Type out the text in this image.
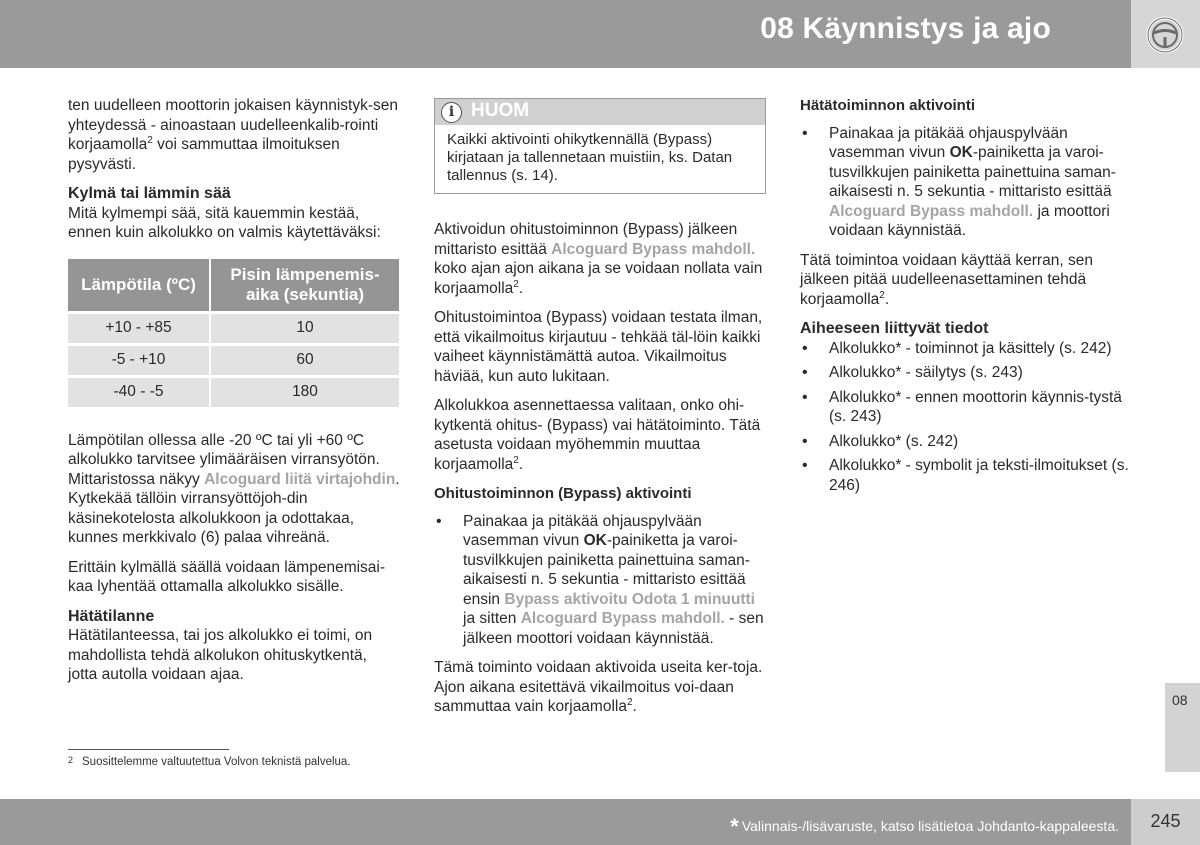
08 Käynnistys ja ajo

ten uudelleen moottorin jokaisen käynnistyk-sen yhteydessä - ainoastaan uudelleenkalib-rointi korjaamolla$^2$ voi sammuttaa ilmoituksen pysyvästi.

Kylmä tai lämmin sää

Mitä kylmempi sää, sitä kauemmin kestää, ennen kuin alkolukko on valmis käytettäväksi:

Lämpötila (ºC)	Pisin lämpenemis-aika (sekuntia)
+10 - +85	10
-5 - +10	60
-40 - -5	180

Lämpötilan ollessa alle -20 ºC tai yli +60 ºC alkolukko tarvitsee ylimääräisen virransyötön. Mittaristossa näkyy Alcoguard liitä virtajohdin. Kytkekää tällöin virransyöttöjoh-din käsinekotelosta alkolukkoon ja odottakaa, kunnes merkkivalo (6) palaa vihreänä.

Erittäin kylmällä säällä voidaan lämpenemisai-kaa lyhentää ottamalla alkolukko sisälle.

Hätätilanne

Hätätilanteessa, tai jos alkolukko ei toimi, on mahdollista tehdä alkolukon ohituskytkentä, jotta autolla voidaan ajaa.

i HUOM
Kaikki aktivointi ohikytkennällä (Bypass) kirjataan ja tallennetaan muistiin, ks. Datan tallennus (s. 14).

Aktivoidun ohitustoiminnon (Bypass) jälkeen mittaristo esittää Alcoguard Bypass mahdoll. koko ajan ajon aikana ja se voidaan nollata vain korjaamolla$^2$.

Ohitustoimintoa (Bypass) voidaan testata ilman, että vikailmoitus kirjautuu - tehkää täl-löin kaikki vaiheet käynnistämättä autoa. Vikailmoitus häviää, kun auto lukitaan.

Alkolukkoa asennettaessa valitaan, onko ohi-kytkentä ohitus- (Bypass) vai hätätoiminto. Tätä asetusta voidaan myöhemmin muuttaa korjaamolla$^2$.

Ohitustoiminnon (Bypass) aktivointi
• Painakaa ja pitäkää ohjauspylvään vasemman vivun OK-painiketta ja varoi-tusvilkkujen painiketta painettuina saman-aikaisesti n. 5 sekuntia - mittaristo esittää ensin Bypass aktivoitu Odota 1 minuutti ja sitten Alcoguard Bypass mahdoll. - sen jälkeen moottori voidaan käynnistää.

Tämä toiminto voidaan aktivoida useita ker-toja. Ajon aikana esitettävä vikailmoitus voi-daan sammuttaa vain korjaamolla$^2$.

Hätätoiminnon aktivointi
• Painakaa ja pitäkää ohjauspylvään vasemman vivun OK-painiketta ja varoi-tusvilkkujen painiketta painettuina saman-aikaisesti n. 5 sekuntia - mittaristo esittää Alcoguard Bypass mahdoll. ja moottori voidaan käynnistää.

Tätä toimintoa voidaan käyttää kerran, sen jälkeen pitää uudelleenasettaminen tehdä korjaamolla$^2$.

Aiheeseen liittyvät tiedot
• Alkolukko* - toiminnot ja käsittely (s. 242)
• Alkolukko* - säilytys (s. 243)
• Alkolukko* - ennen moottorin käynnis-tystä (s. 243)
• Alkolukko* (s. 242)
• Alkolukko* - symbolit ja teksti-ilmoitukset (s. 246)
2 Suosittelemme valtuutettua Volvon teknistä palvelua.
08
* Valinnais-/lisävaruste, katso lisätietoa Johdanto-kappaleesta.	245
